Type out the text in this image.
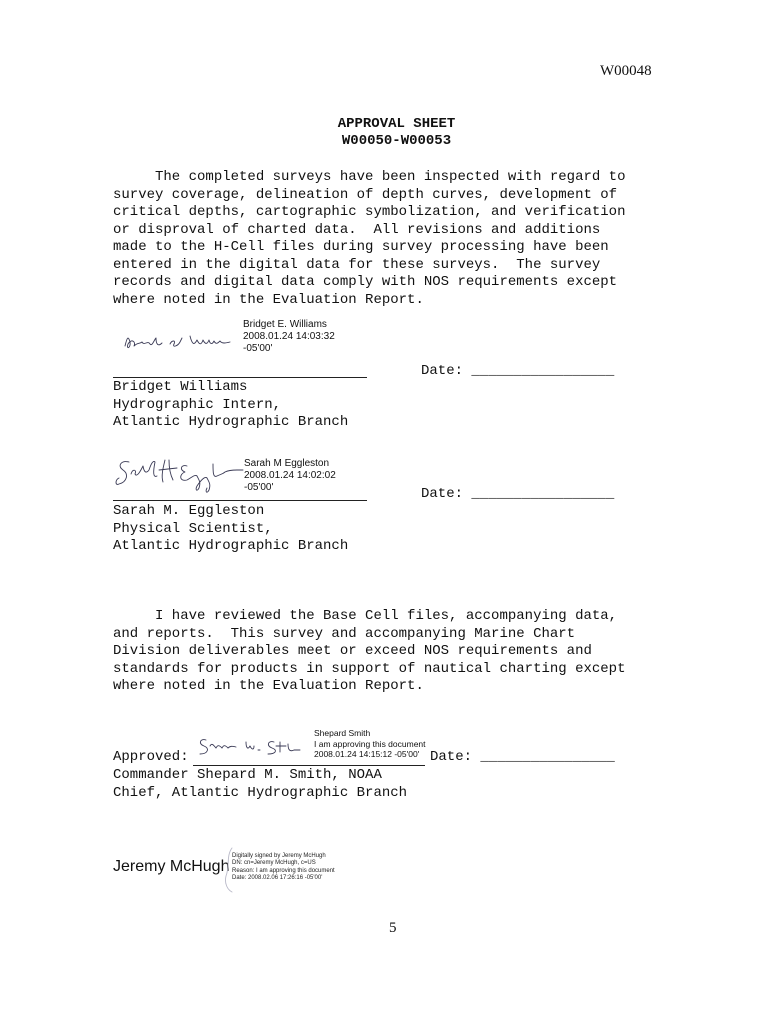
W00048
APPROVAL SHEET
W00050-W00053
The completed surveys have been inspected with regard to
survey coverage, delineation of depth curves, development of
critical depths, cartographic symbolization, and verification
or disproval of charted data.  All revisions and additions
made to the H-Cell files during survey processing have been
entered in the digital data for these surveys.  The survey
records and digital data comply with NOS requirements except
where noted in the Evaluation Report.
Bridget E. Williams
2008.01.24 14:03:32
-05'00'
Date: _________________
Bridget Williams
Hydrographic Intern,
Atlantic Hydrographic Branch
Sarah M Eggleston
2008.01.24 14:02:02
-05'00'	Date: _________________
Sarah M. Eggleston
Physical Scientist,
Atlantic Hydrographic Branch
I have reviewed the Base Cell files, accompanying data,
and reports.  This survey and accompanying Marine Chart
Division deliverables meet or exceed NOS requirements and
standards for products in support of nautical charting except
where noted in the Evaluation Report.
Approved:
Shepard Smith
I am approving this document
2008.01.24 14:15:12 -05'00' Date: ________________
Commander Shepard M. Smith, NOAA
Chief, Atlantic Hydrographic Branch
Jeremy McHugh
Digitally signed by Jeremy McHugh
DN: cn=Jeremy McHugh, c=US
Reason: I am approving this document
Date: 2008.02.06 17:26:16 -05'00'
5
